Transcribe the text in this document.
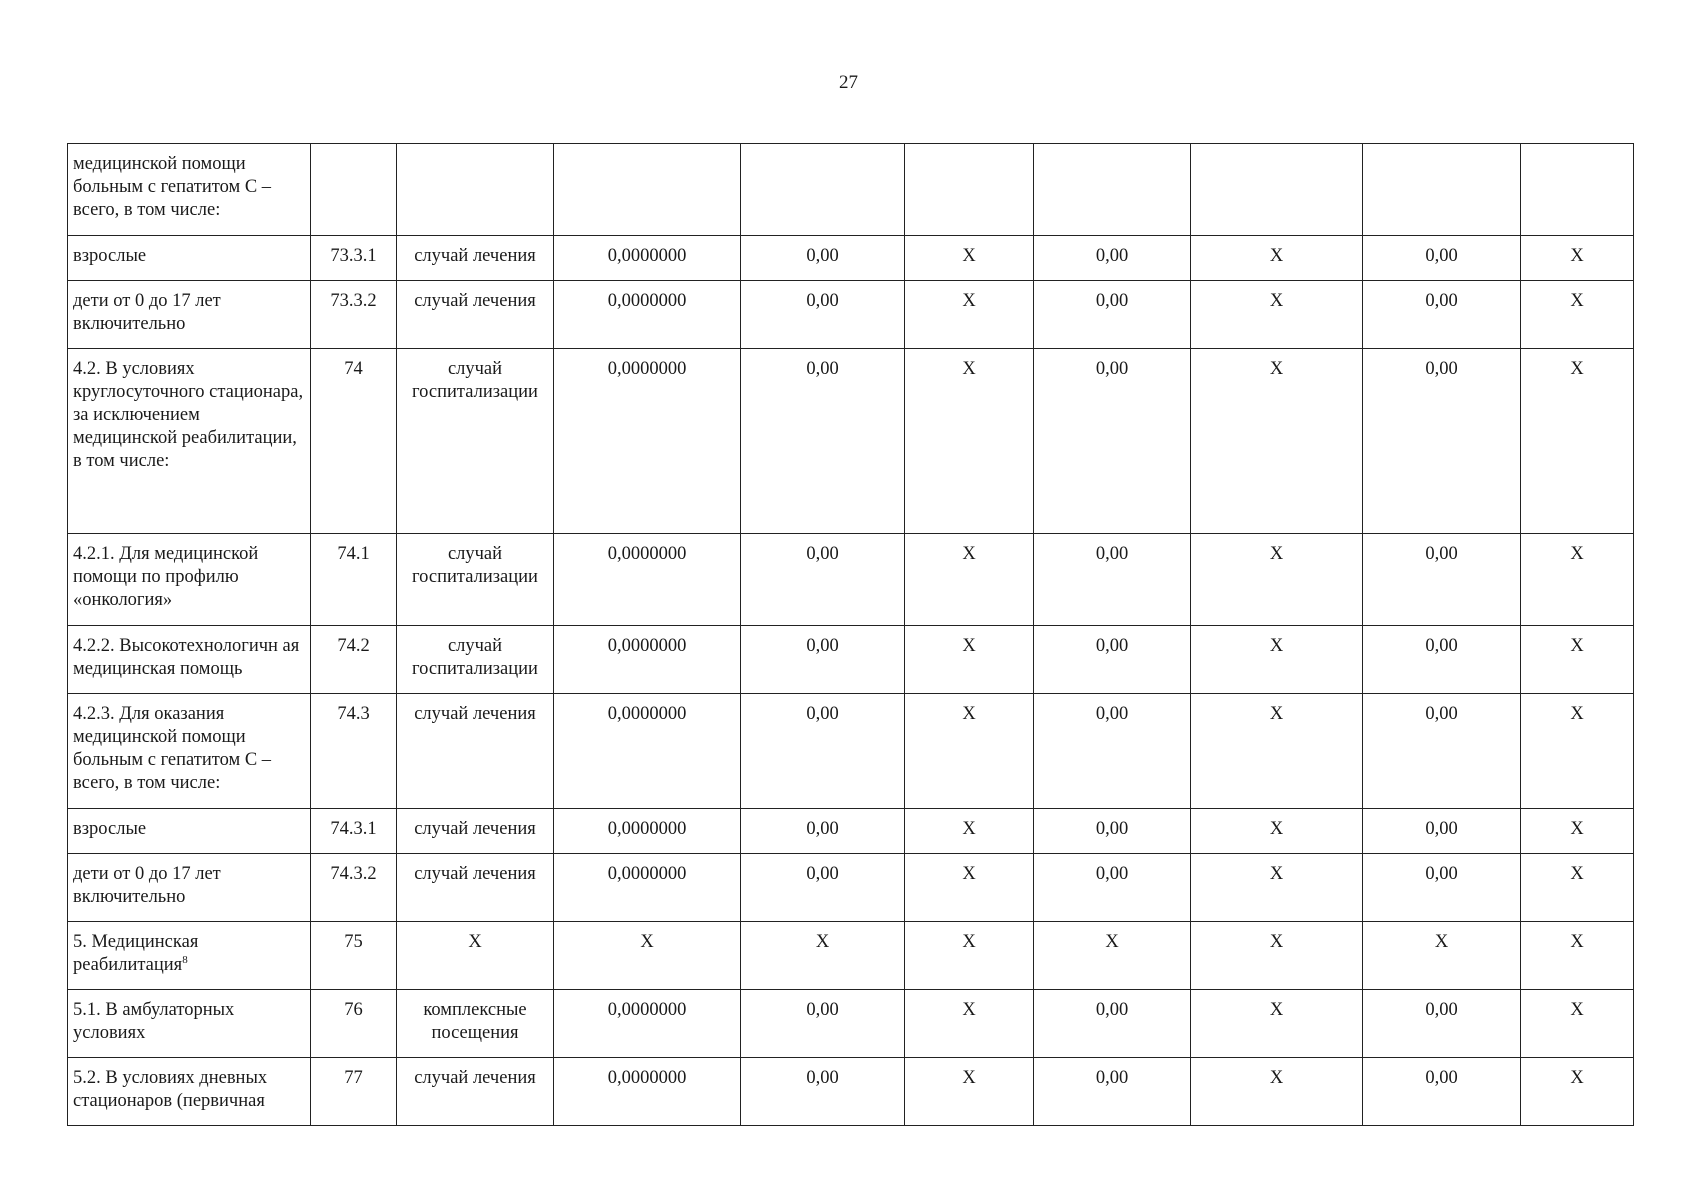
27
медицинской помощи больным с гепатитом С – всего, в том числе:									
взрослые	73.3.1	случай лечения	0,0000000	0,00	X	0,00	X	0,00	X
дети от 0 до 17 лет включительно	73.3.2	случай лечения	0,0000000	0,00	X	0,00	X	0,00	X
4.2. В условиях круглосуточного стационара, за исключением медицинской реабилитации, в том числе:	74	случай госпитализации	0,0000000	0,00	X	0,00	X	0,00	X
4.2.1. Для медицинской помощи по профилю «онкология»	74.1	случай госпитализации	0,0000000	0,00	X	0,00	X	0,00	X
4.2.2. Высокотехнологичн ая медицинская помощь	74.2	случай госпитализации	0,0000000	0,00	X	0,00	X	0,00	X
4.2.3. Для оказания медицинской помощи больным с гепатитом С – всего, в том числе:	74.3	случай лечения	0,0000000	0,00	X	0,00	X	0,00	X
взрослые	74.3.1	случай лечения	0,0000000	0,00	X	0,00	X	0,00	X
дети от 0 до 17 лет включительно	74.3.2	случай лечения	0,0000000	0,00	X	0,00	X	0,00	X
5. Медицинская реабилитация$^8$	75	X	X	X	X	X	X	X	X
5.1. В амбулаторных условиях	76	комплексные посещения	0,0000000	0,00	X	0,00	X	0,00	X
5.2. В условиях дневных стационаров (первичная	77	случай лечения	0,0000000	0,00	X	0,00	X	0,00	X
